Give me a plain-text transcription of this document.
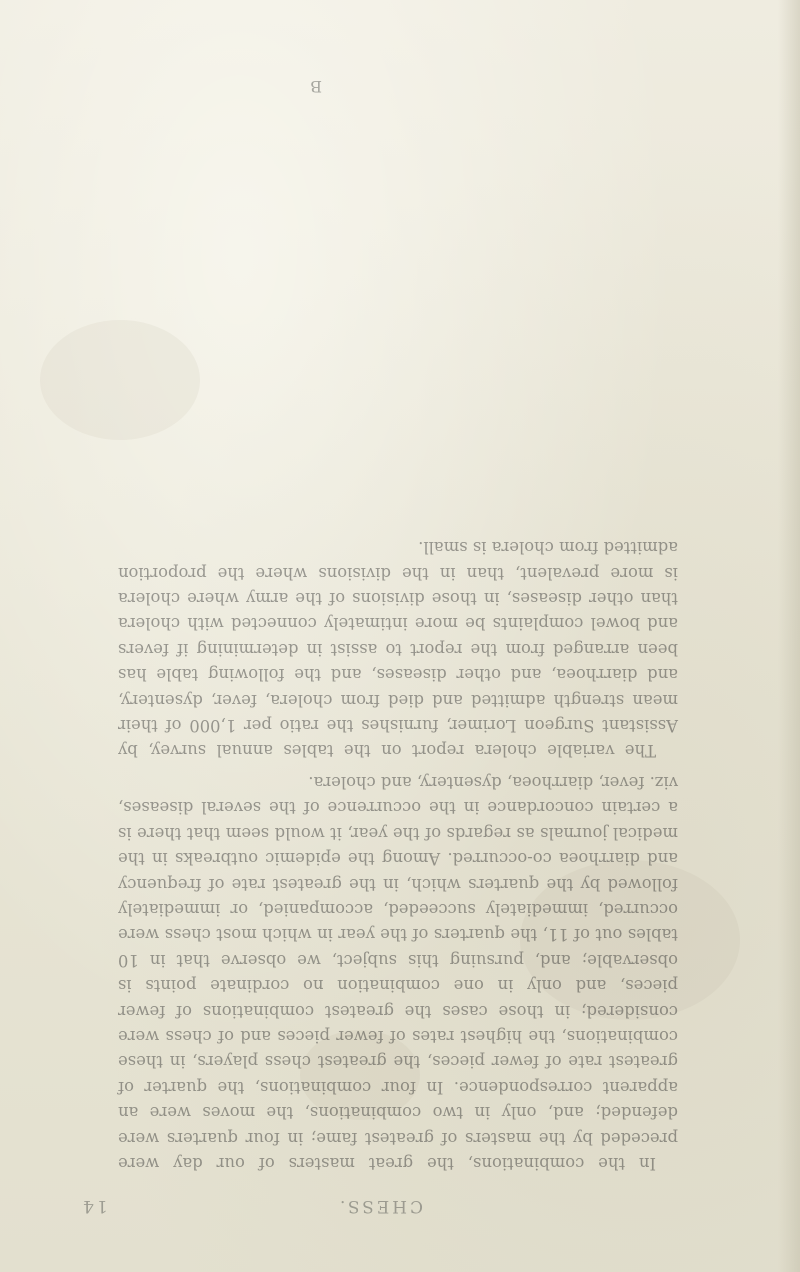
CHESS.
14

In the combinations, the great masters of our day were preceded by the masters of greatest fame; in four quarters were defended; and, only in two combinations, the moves were an apparent correspondence. In four combinations, the quarter of greatest rate of fewer pieces, the greatest chess players, in these combinations, the highest rates of fewer pieces and of chess were considered; in those cases the greatest combinations of fewer pieces, and only in one combination no cordinate points is observable; and, pursuing this subject, we observe that in 10 tables out of 11, the quarters of the year in which most chess were occurred, immediately succeeded, accompanied, or immediately followed by the quarters which, in the greatest rate of frequency and diarrhoea co-occurred. Among the epidemic outbreaks in the medical journals as regards of the year, it would seem that there is a certain concordance in the occurrence of the several diseases, viz. fever, diarrhoea, dysentery, and cholera.

The variable cholera report on the tables annual survey, by Assistant Surgeon Lorimer, furnishes the ratio per 1,000 of their mean strength admitted and died from cholera, fever, dysentery, and diarrhoea, and other diseases, and the following table has been arranged from the report to assist in determining if fevers and bowel complaints be more intimately connected with cholera than other diseases, in those divisions of the army where cholera is more prevalent, than in the divisions where the proportion admitted from cholera is small.

B
